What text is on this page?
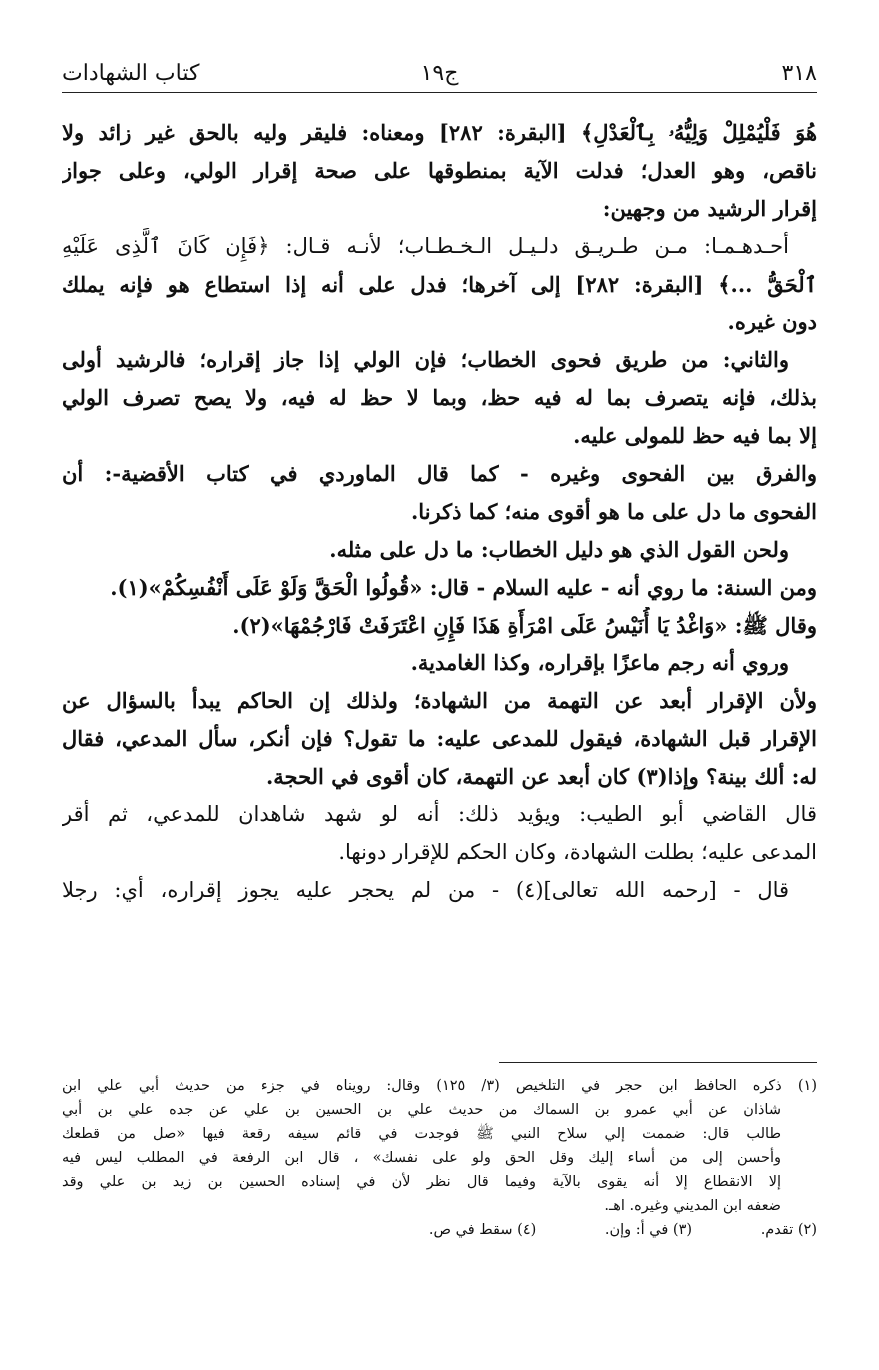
٣١٨
ج١٩
كتاب الشهادات
هُوَ فَلْيُمْلِلْ وَلِيُّهُۥ بِٱلْعَدْلِ﴾ [البقرة: ٢٨٢] ومعناه: فليقر وليه بالحق غير زائد ولا
ناقص، وهو العدل؛ فدلت الآية بمنطوقها على صحة إقرار الولي، وعلى جواز
إقرار الرشيد من وجهين:
أحـدهـمـا: مـن طـريـق دلـيـل الـخـطـاب؛ لأنـه قـال: ﴿فَإِن كَانَ ٱلَّذِى عَلَيْهِ
ٱلْحَقُّ ...﴾ [البقرة: ٢٨٢] إلى آخرها؛ فدل على أنه إذا استطاع هو فإنه يملك
دون غيره.
والثاني: من طريق فحوى الخطاب؛ فإن الولي إذا جاز إقراره؛ فالرشيد أولى
بذلك، فإنه يتصرف بما له فيه حظ، وبما لا حظ له فيه، ولا يصح تصرف الولي
إلا بما فيه حظ للمولى عليه.
والفرق بين الفحوى وغيره - كما قال الماوردي في كتاب الأقضية-: أن
الفحوى ما دل على ما هو أقوى منه؛ كما ذكرنا.
ولحن القول الذي هو دليل الخطاب: ما دل على مثله.
ومن السنة: ما روي أنه - عليه السلام - قال: «قُولُوا الْحَقَّ وَلَوْ عَلَى أَنْفُسِكُمْ»(١).
وقال ﷺ: «وَاغْدُ يَا أُنَيْسُ عَلَى امْرَأَةِ هَذَا فَإِنِ اعْتَرَفَتْ فَارْجُمْهَا»(٢).
وروي أنه رجم ماعزًا بإقراره، وكذا الغامدية.
ولأن الإقرار أبعد عن التهمة من الشهادة؛ ولذلك إن الحاكم يبدأ بالسؤال عن
الإقرار قبل الشهادة، فيقول للمدعى عليه: ما تقول؟ فإن أنكر، سأل المدعي، فقال
له: ألك بينة؟ وإذا(٣) كان أبعد عن التهمة، كان أقوى في الحجة.
قال القاضي أبو الطيب: ويؤيد ذلك: أنه لو شهد شاهدان للمدعي، ثم أقر
المدعى عليه؛ بطلت الشهادة، وكان الحكم للإقرار دونها.
قال - [رحمه الله تعالى](٤) - من لم يحجر عليه يجوز إقراره، أي: رجلا
(١) ذكره الحافظ ابن حجر في التلخيص (٣/ ١٢٥) وقال: رويناه في جزء من حديث أبي علي ابن
شاذان عن أبي عمرو بن السماك من حديث علي بن الحسين بن علي عن جده علي بن أبي
طالب قال: ضممت إلي سلاح النبي ﷺ فوجدت في قائم سيفه رقعة فيها «صل من قطعك
وأحسن إلى من أساء إليك وقل الحق ولو على نفسك» ، قال ابن الرفعة في المطلب ليس فيه
إلا الانقطاع إلا أنه يقوى بالآية وفيما قال نظر لأن في إسناده الحسين بن زيد بن علي وقد
ضعفه ابن المديني وغيره. اهـ.
(٢) تقدم. (٣) في أ: وإن. (٤) سقط في ص.
